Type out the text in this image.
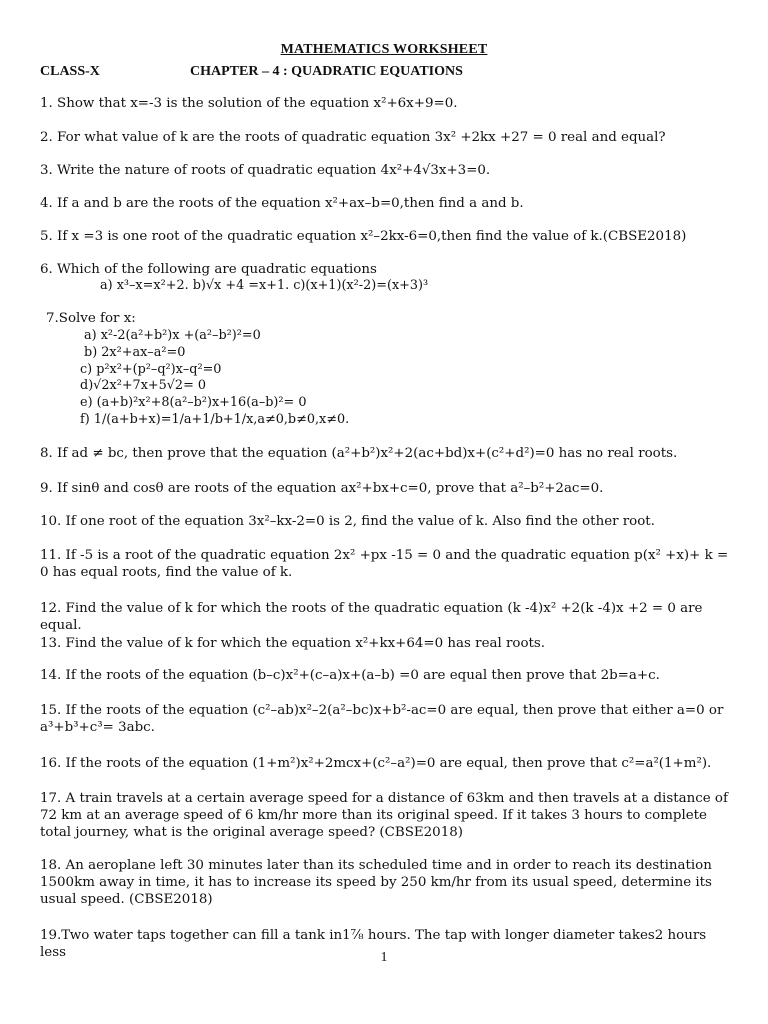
MATHEMATICS WORKSHEET
CLASS-X	CHAPTER – 4 : QUADRATIC EQUATIONS

1. Show that x=-3 is the solution of the equation x²+6x+9=0.

2. For what value of k are the roots of quadratic equation 3x² +2kx +27 = 0 real and equal?

3. Write the nature of roots of quadratic equation 4x²+4√3x+3=0.

4. If a and b are the roots of the equation x²+ax–b=0,then find a and b.

5. If x =3 is one root of the quadratic equation x²–2kx-6=0,then find the value of k.(CBSE2018)

6. Which of the following are quadratic equations

a) x³–x=x²+2. b)√x +4 =x+1. c)(x+1)(x²-2)=(x+3)³

7.Solve for x:

a) x²-2(a²+b²)x +(a²–b²)²=0
b) 2x²+ax–a²=0
c) p²x²+(p²–q²)x–q²=0
d)√2x²+7x+5√2= 0
e) (a+b)²x²+8(a²–b²)x+16(a–b)²= 0
f) 1/(a+b+x)=1/a+1/b+1/x,a≠0,b≠0,x≠0.

8. If ad ≠ bc, then prove that the equation (a²+b²)x²+2(ac+bd)x+(c²+d²)=0 has no real roots.

9. If sinθ and cosθ are roots of the equation ax²+bx+c=0, prove that a²–b²+2ac=0.

10. If one root of the equation 3x²–kx-2=0 is 2, find the value of k. Also find the other root.

11. If -5 is a root of the quadratic equation 2x² +px -15 = 0 and the quadratic equation p(x² +x)+ k = 0 has equal roots, find the value of k.

12. Find the value of k for which the roots of the quadratic equation (k -4)x² +2(k -4)x +2 = 0 are equal.

13. Find the value of k for which the equation x²+kx+64=0 has real roots.

14. If the roots of the equation (b–c)x²+(c–a)x+(a–b) =0 are equal then prove that 2b=a+c.

15. If the roots of the equation (c²–ab)x²–2(a²–bc)x+b²-ac=0 are equal, then prove that either a=0 or a³+b³+c³= 3abc.

16. If the roots of the equation (1+m²)x²+2mcx+(c²–a²)=0 are equal, then prove that c²=a²(1+m²).

17. A train travels at a certain average speed for a distance of 63km and then travels at a distance of 72 km at an average speed of 6 km/hr more than its original speed. If it takes 3 hours to complete total journey, what is the original average speed? (CBSE2018)

18. An aeroplane left 30 minutes later than its scheduled time and in order to reach its destination 1500km away in time, it has to increase its speed by 250 km/hr from its usual speed, determine its usual speed. (CBSE2018)

19.Two water taps together can fill a tank in1⅞ hours. The tap with longer diameter takes2 hours less	1
